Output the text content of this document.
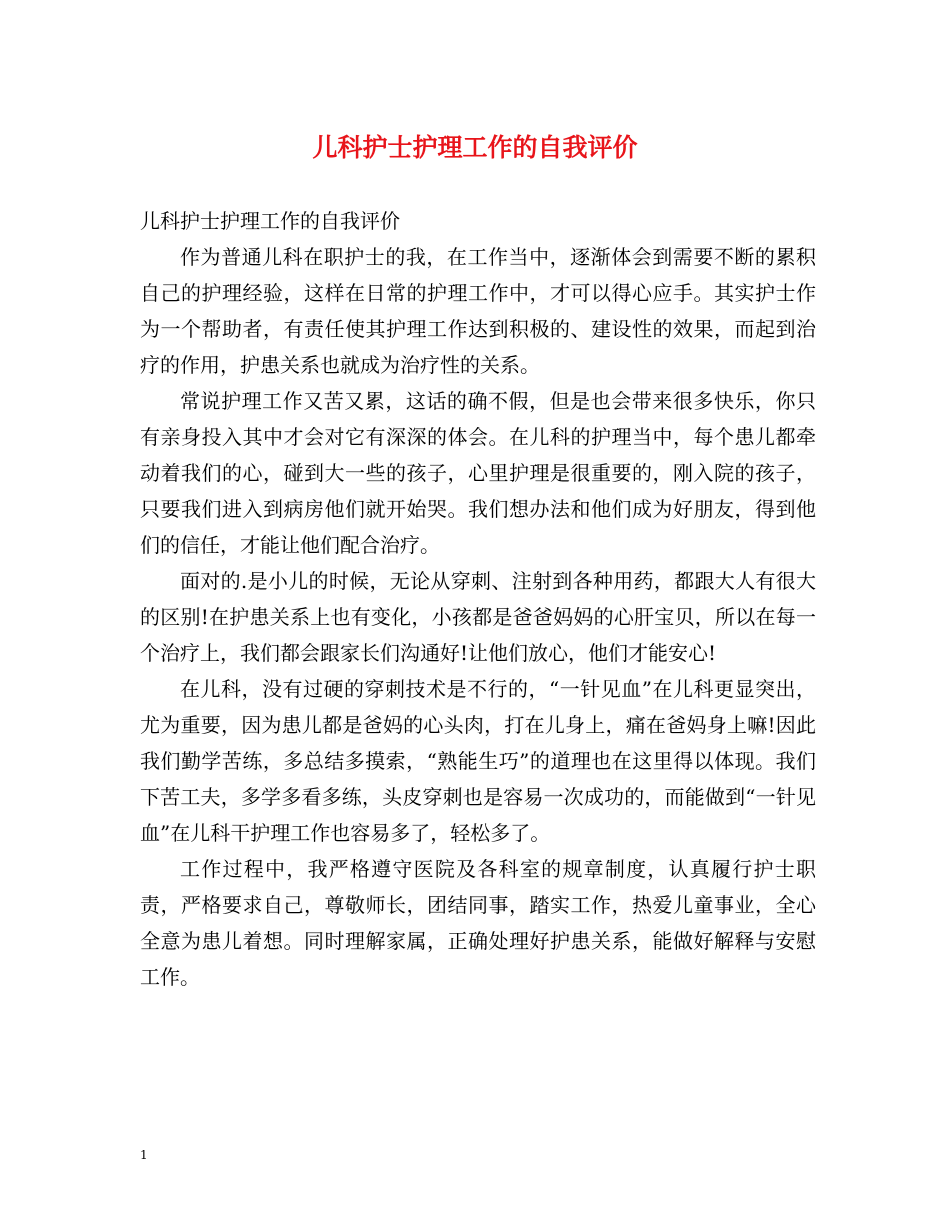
儿科护士护理工作的自我评价

儿科护士护理工作的自我评价

作为普通儿科在职护士的我，在工作当中，逐渐体会到需要不断的累积自己的护理经验，这样在日常的护理工作中，才可以得心应手。其实护士作为一个帮助者，有责任使其护理工作达到积极的、建设性的效果，而起到治疗的作用，护患关系也就成为治疗性的关系。

常说护理工作又苦又累，这话的确不假，但是也会带来很多快乐，你只有亲身投入其中才会对它有深深的体会。在儿科的护理当中，每个患儿都牵动着我们的心，碰到大一些的孩子，心里护理是很重要的，刚入院的孩子，只要我们进入到病房他们就开始哭。我们想办法和他们成为好朋友，得到他们的信任，才能让他们配合治疗。

面对的.是小儿的时候，无论从穿刺、注射到各种用药，都跟大人有很大的区别!在护患关系上也有变化，小孩都是爸爸妈妈的心肝宝贝，所以在每一个治疗上，我们都会跟家长们沟通好!让他们放心，他们才能安心!

在儿科，没有过硬的穿刺技术是不行的，“一针见血”在儿科更显突出，尤为重要，因为患儿都是爸妈的心头肉，打在儿身上，痛在爸妈身上嘛!因此我们勤学苦练，多总结多摸索，“熟能生巧”的道理也在这里得以体现。我们下苦工夫，多学多看多练，头皮穿刺也是容易一次成功的，而能做到“一针见血”在儿科干护理工作也容易多了，轻松多了。

工作过程中，我严格遵守医院及各科室的规章制度，认真履行护士职责，严格要求自己，尊敬师长，团结同事，踏实工作，热爱儿童事业，全心全意为患儿着想。同时理解家属，正确处理好护患关系，能做好解释与安慰工作。

1
